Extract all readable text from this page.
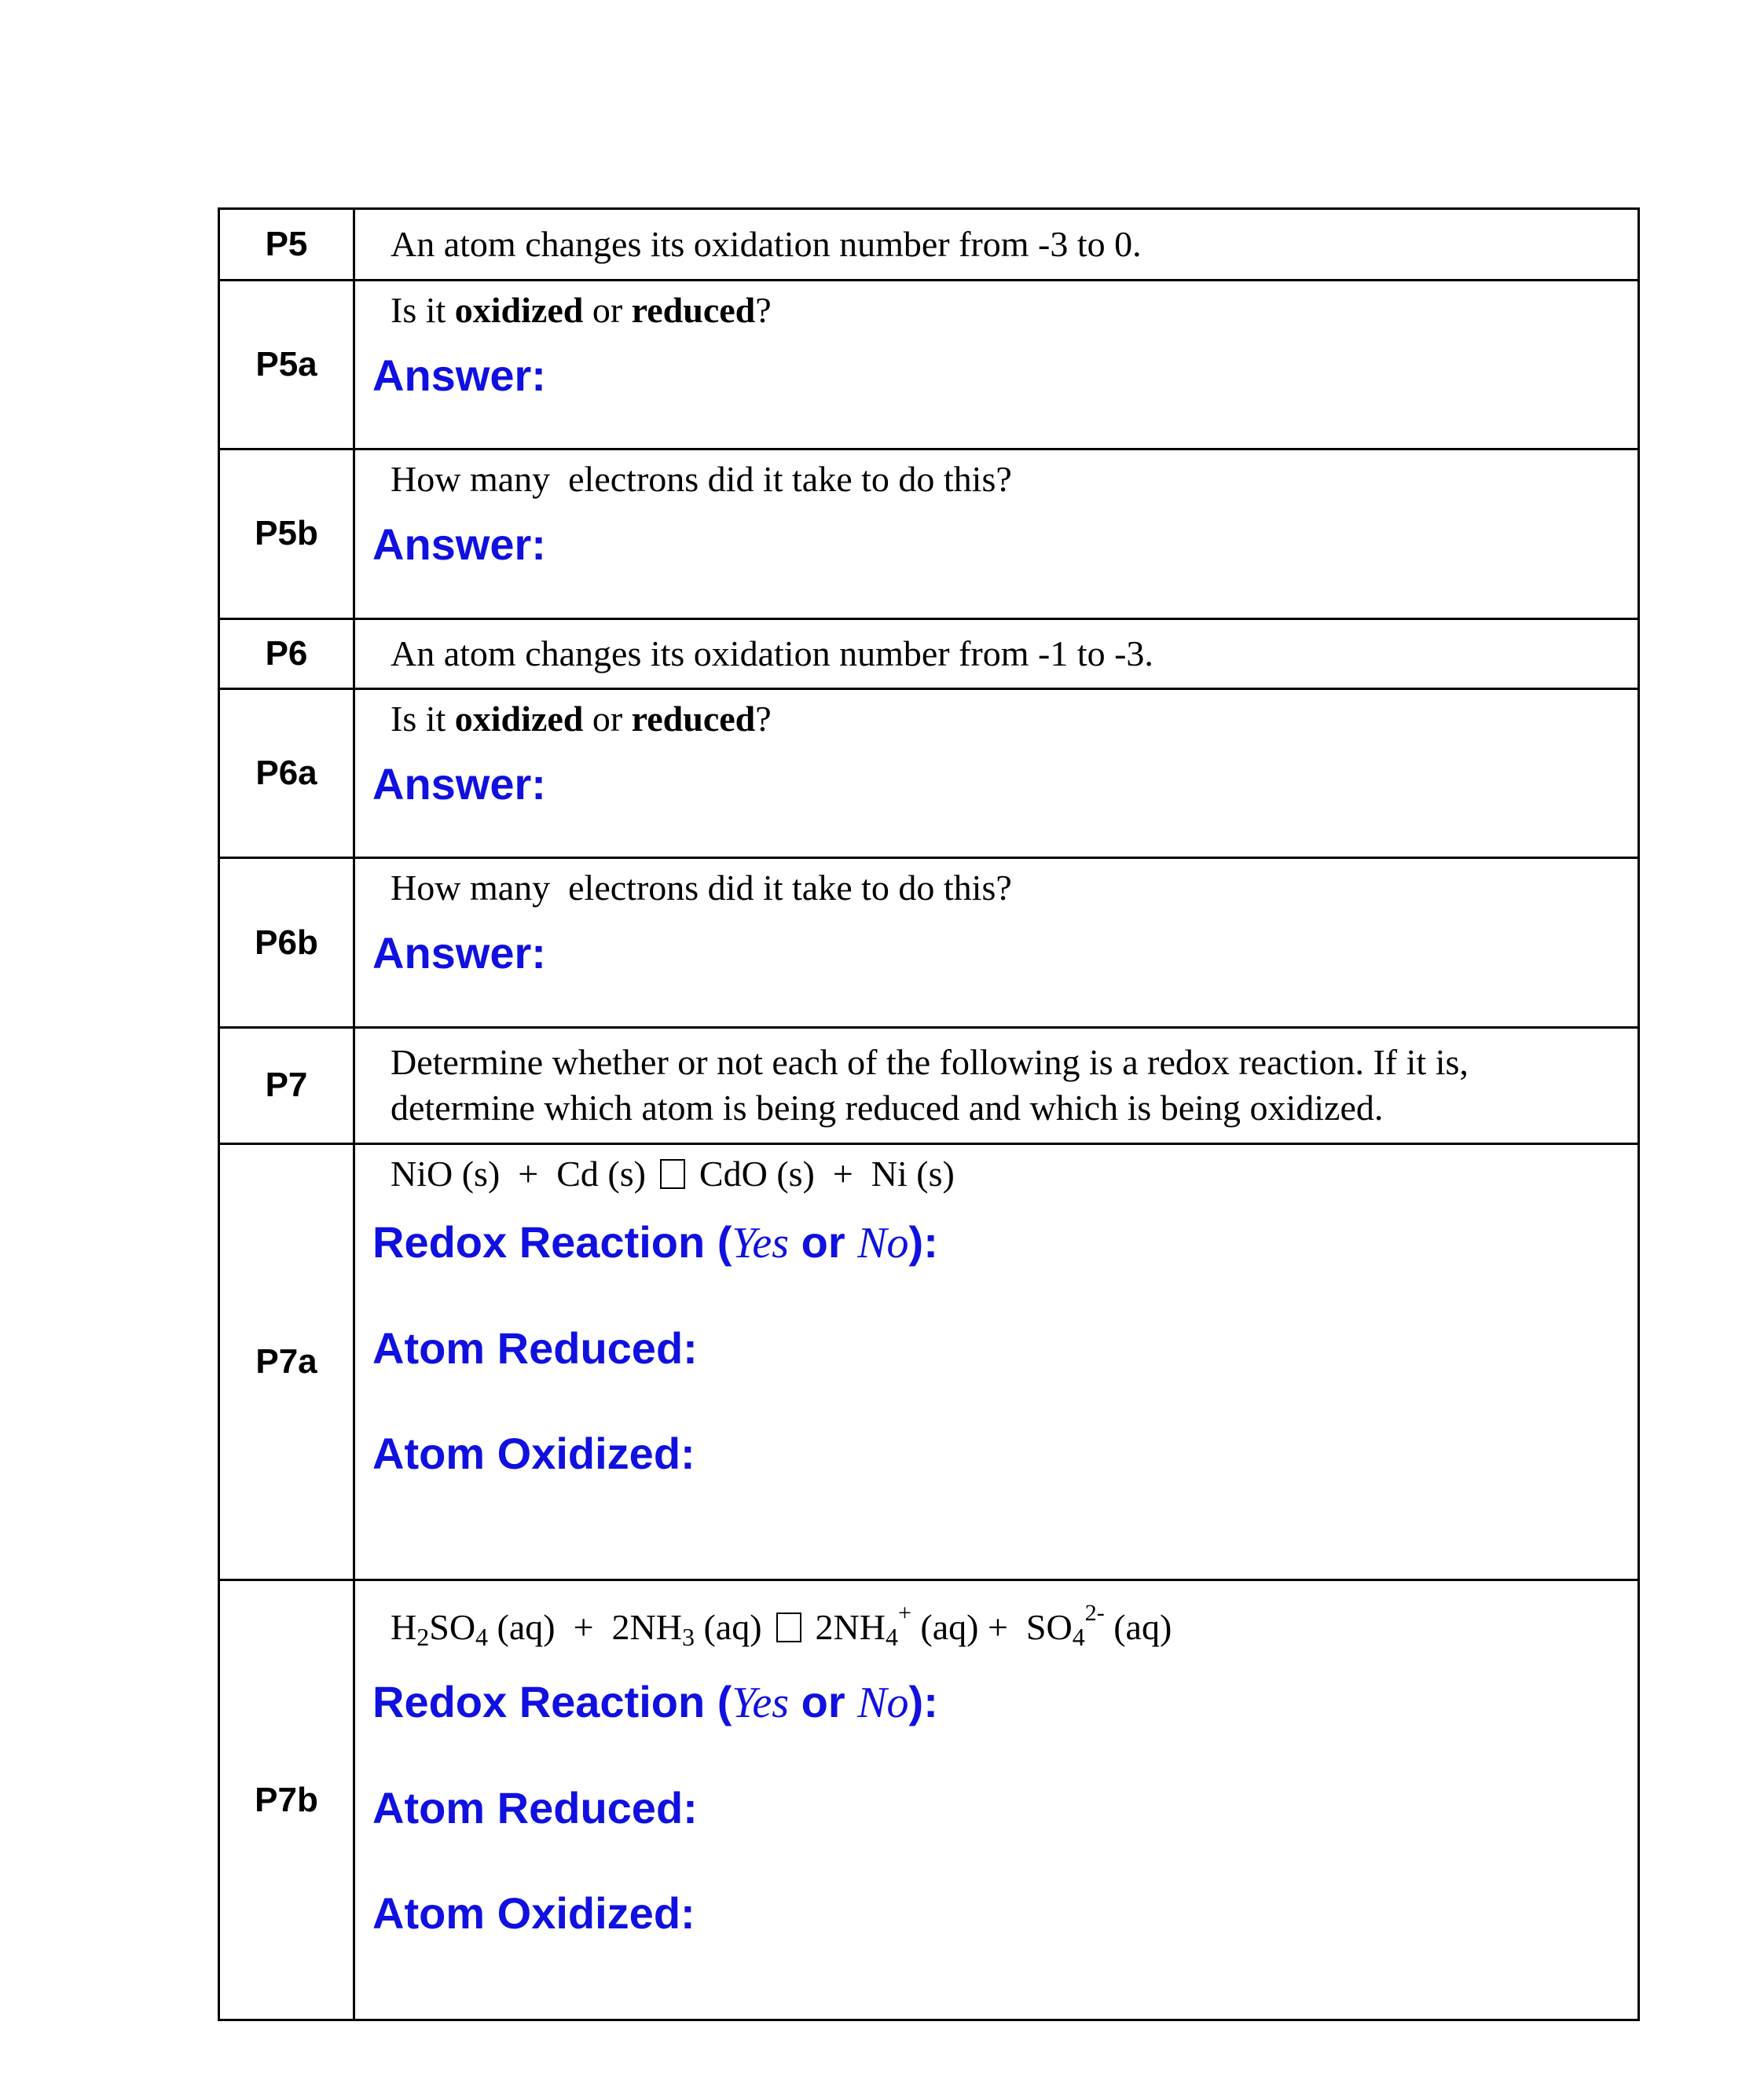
P5	An atom changes its oxidation number from -3 to 0.

P5a	Is it oxidized or reduced?
Answer:

P5b	How many  electrons did it take to do this?
Answer:

P6	An atom changes its oxidation number from -1 to -3.

P6a	Is it oxidized or reduced?
Answer:

P6b	How many  electrons did it take to do this?
Answer:

P7	Determine whether or not each of the following is a redox reaction. If it is,
determine which atom is being reduced and which is being oxidized.

P7a	NiO (s)  +  Cd (s) CdO (s)  +  Ni (s)
Redox Reaction (Yes or No):
Atom Reduced:
Atom Oxidized:

P7b	$H_2SO_4$ $(aq) + 2NH_3$ (aq) $2NH_4^+$ $(aq) + SO_4^{2-}$ (aq)
Redox Reaction (Yes or No):
Atom Reduced:
Atom Oxidized:
